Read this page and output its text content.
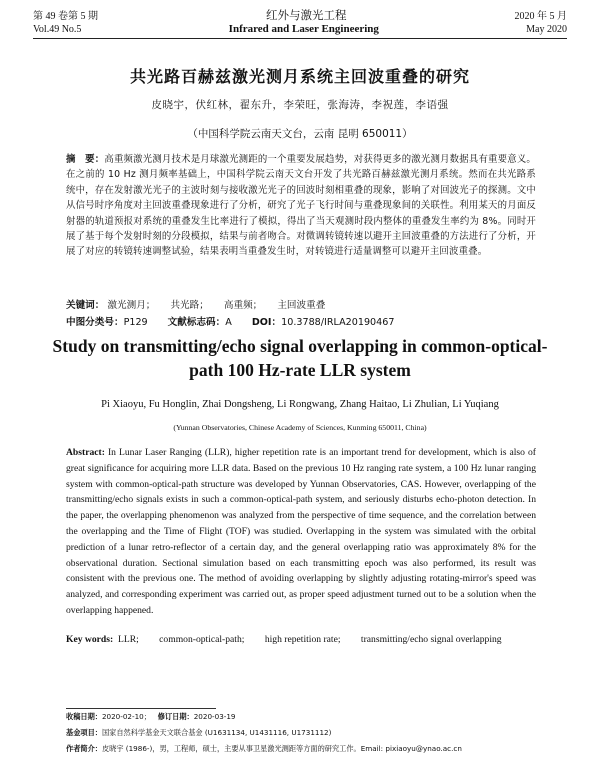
第 49 卷第 5 期	红外与激光工程	2020 年 5 月
Vol.49 No.5	Infrared and Laser Engineering	May 2020
共光路百赫兹激光测月系统主回波重叠的研究
皮晓宇，伏红林，翟东升，李荣旺，张海涛，李祝莲，李语强
（中国科学院云南天文台，云南 昆明 650011）
摘　要：高重频激光测月技术是月球激光测距的一个重要发展趋势，对获得更多的激光测月数据具有重要意义。在之前的 10 Hz 测月频率基础上，中国科学院云南天文台开发了共光路百赫兹激光测月系统。然而在共光路系统中，存在发射激光光子的主波时刻与接收激光光子的回波时刻相重叠的现象，影响了对回波光子的探测。文中从信号时序角度对主回波重叠现象进行了分析，研究了光子飞行时间与重叠现象间的关联性。利用某天的月面反射器的轨道预报对系统的重叠发生比率进行了模拟，得出了当天观测时段内整体的重叠发生率约为 8%。同时开展了基于每个发射时刻的分段模拟，结果与前者吻合。对微调转镜转速以避开主回波重叠的方法进行了分析，开展了对应的转镜转速调整试验，结果表明当重叠发生时，对转镜进行适量调整可以避开主回波重叠。
关键词： 激光测月； 共光路； 高重频； 主回波重叠
中图分类号：P129 文献标志码：A DOI：10.3788/IRLA20190467
Study on transmitting/echo signal overlapping in common-optical-path 100 Hz-rate LLR system
Pi Xiaoyu, Fu Honglin, Zhai Dongsheng, Li Rongwang, Zhang Haitao, Li Zhulian, Li Yuqiang
(Yunnan Observatories, Chinese Academy of Sciences, Kunming 650011, China)
Abstract: In Lunar Laser Ranging (LLR), higher repetition rate is an important trend for development, which is also of great significance for acquiring more LLR data. Based on the previous 10 Hz ranging rate system, a 100 Hz lunar ranging system with common-optical-path structure was developed by Yunnan Observatories, CAS. However, overlapping of the transmitting/echo signals exists in such a common-optical-path system, and seriously disturbs echo-photon detection. In the paper, the overlapping phenomenon was analyzed from the perspective of time sequence, and the correlation between the overlapping and the Time of Flight (TOF) was studied. Overlapping in the system was simulated with the orbital prediction of a lunar retro-reflector of a certain day, and the general overlapping ratio was approximately 8% for the observational duration. Sectional simulation based on each transmitting epoch was also performed, its result was consistent with the previous one. The method of avoiding overlapping by slightly adjusting rotating-mirror's speed was analyzed, and corresponding experiment was carried out, as proper speed adjustment turned out to be a solution when the overlapping happened.
Key words: LLR; common-optical-path; high repetition rate; transmitting/echo signal overlapping
收稿日期：2020-02-10； 修订日期：2020-03-19
基金项目：国家自然科学基金天文联合基金 (U1631134, U1431116, U1731112)
作者简介：皮晓宇 (1986-)，男，工程师，硕士，主要从事卫星激光测距等方面的研究工作。Email: pixiaoyu@ynao.ac.cn
